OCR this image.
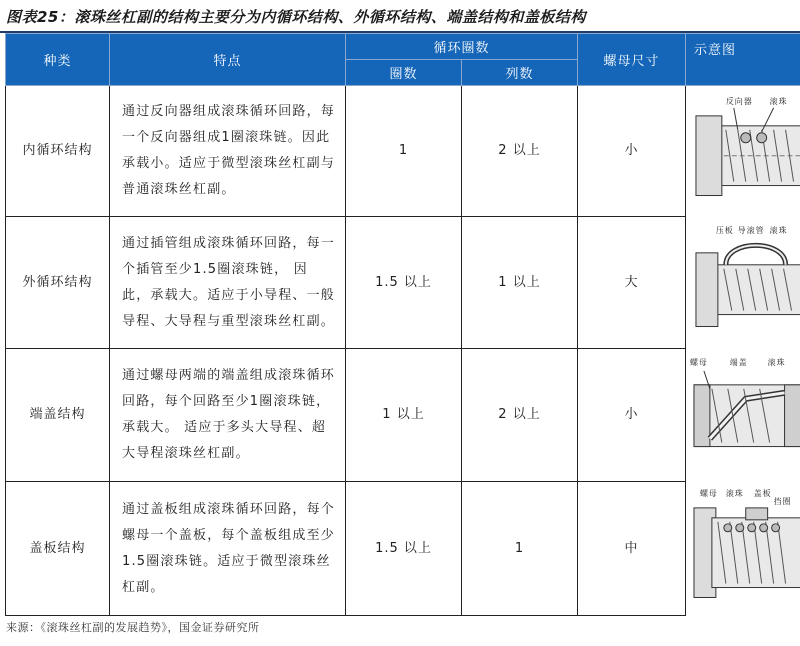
图表25：滚珠丝杠副的结构主要分为内循环结构、外循环结构、端盖结构和盖板结构
种类	特点	循环圈数		螺母尺寸	示意图
		圈数	列数		
内循环结构	通过反向器组成滚珠循环回路，每一个反向器组成1圈滚珠链。因此承载小。适应于微型滚珠丝杠副与普通滚珠丝杠副。	1	2 以上	小	反向器 滚珠

外循环结构	通过插管组成滚珠循环回路，每一个插管至少1.5圈滚珠链， 因此，承载大。适应于小导程、一般导程、大导程与重型滚珠丝杠副。	1.5 以上	1 以上	大	压板 导滚管 滚珠

端盖结构	通过螺母两端的端盖组成滚珠循环回路，每个回路至少1圈滚珠链，承载大。 适应于多头大导程、超大导程滚珠丝杠副。	1 以上	2 以上	小	螺母 端盖 滚珠

盖板结构	通过盖板组成滚珠循环回路，每个螺母一个盖板，每个盖板组成至少1.5圈滚珠链。适应于微型滚珠丝杠副。	1.5 以上	1	中	螺母 滚珠 盖板
挡圈
来源：《滚珠丝杠副的发展趋势》，国金证券研究所
